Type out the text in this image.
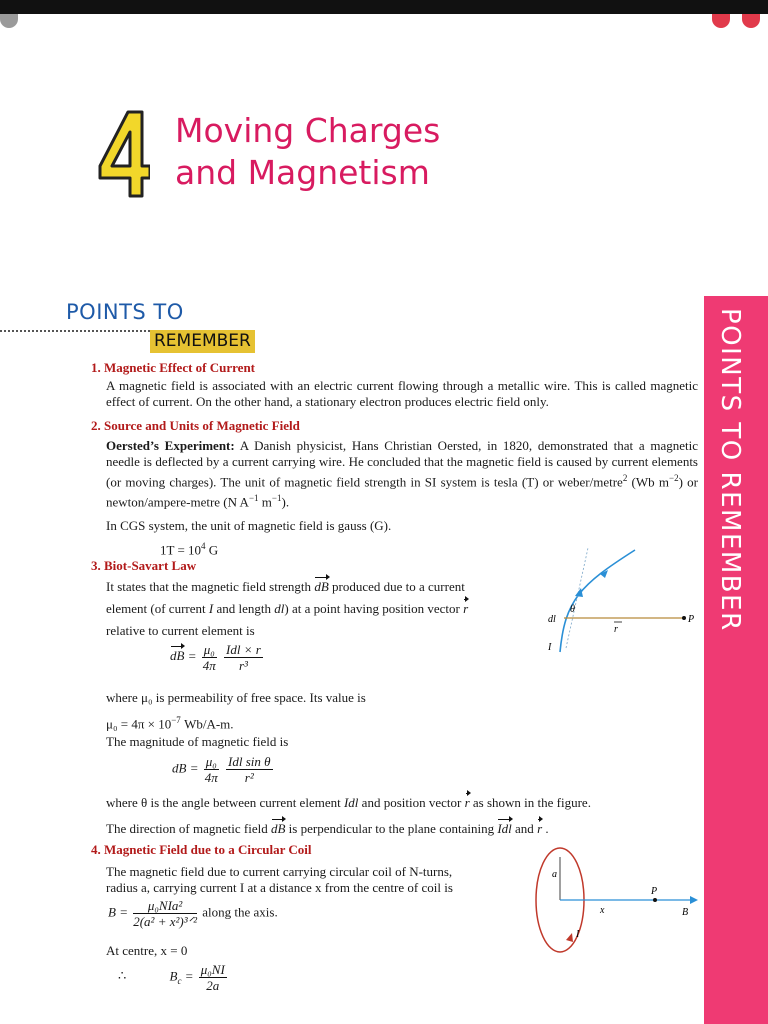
4
Moving Charges
and Magnetism
POINTS TO
REMEMBER	POINTS TO REMEMBER
1. Magnetic Effect of Current
A magnetic field is associated with an electric current flowing through a metallic wire. This is called magnetic effect of current. On the other hand, a stationary electron produces electric field only.
2. Source and Units of Magnetic Field
Oersted’s Experiment: A Danish physicist, Hans Christian Oersted, in 1820, demonstrated that a magnetic needle is deflected by a current carrying wire. He concluded that the magnetic field is caused by current elements (or moving charges). The unit of magnetic field strength in SI system is tesla (T) or weber/metre$^2$ (Wb $m^{-2}$) or newton/ampere-metre (N $A^{-1}$ $m^{-1}$).
In CGS system, the unit of magnetic field is gauss (G).
$1T = 10^4$ G
3. Biot-Savart Law
It states that the magnetic field strength dB produced due to a current
element (of current I and length dl) at a point having position vector r
relative to current element is
dB = $\frac{\text{μ₀}}{4\pi}$
$\frac{\text{Idl × r}}{\text{r³}}$
where μ₀ is permeability of free space. Its value is
$\mu_0 = 4\pi \times 10^{-7}$ Wb/A-m.
The magnitude of magnetic field is
dB = $\frac{\text{μ₀}}{4\pi}$
$\frac{\text{Idl sin θ}}{\text{r²}}$
where θ is the angle between current element Idl and position vector r as shown in the figure.
The direction of magnetic field dB is perpendicular to the plane containing Idl and r .
dl
θ
r
P
I
4. Magnetic Field due to a Circular Coil
The magnetic field due to current carrying circular coil of N-turns,
radius a, carrying current I at a distance x from the centre of coil is
$B = \frac{\text{μ₀NIa²}}{\text{2(a² + x²)³ᐟ²}}$ along the axis.
At centre, x = 0
∴	$B_c = \frac{\text{μ₀NI}}{2a}$
a
x
P
B
I
